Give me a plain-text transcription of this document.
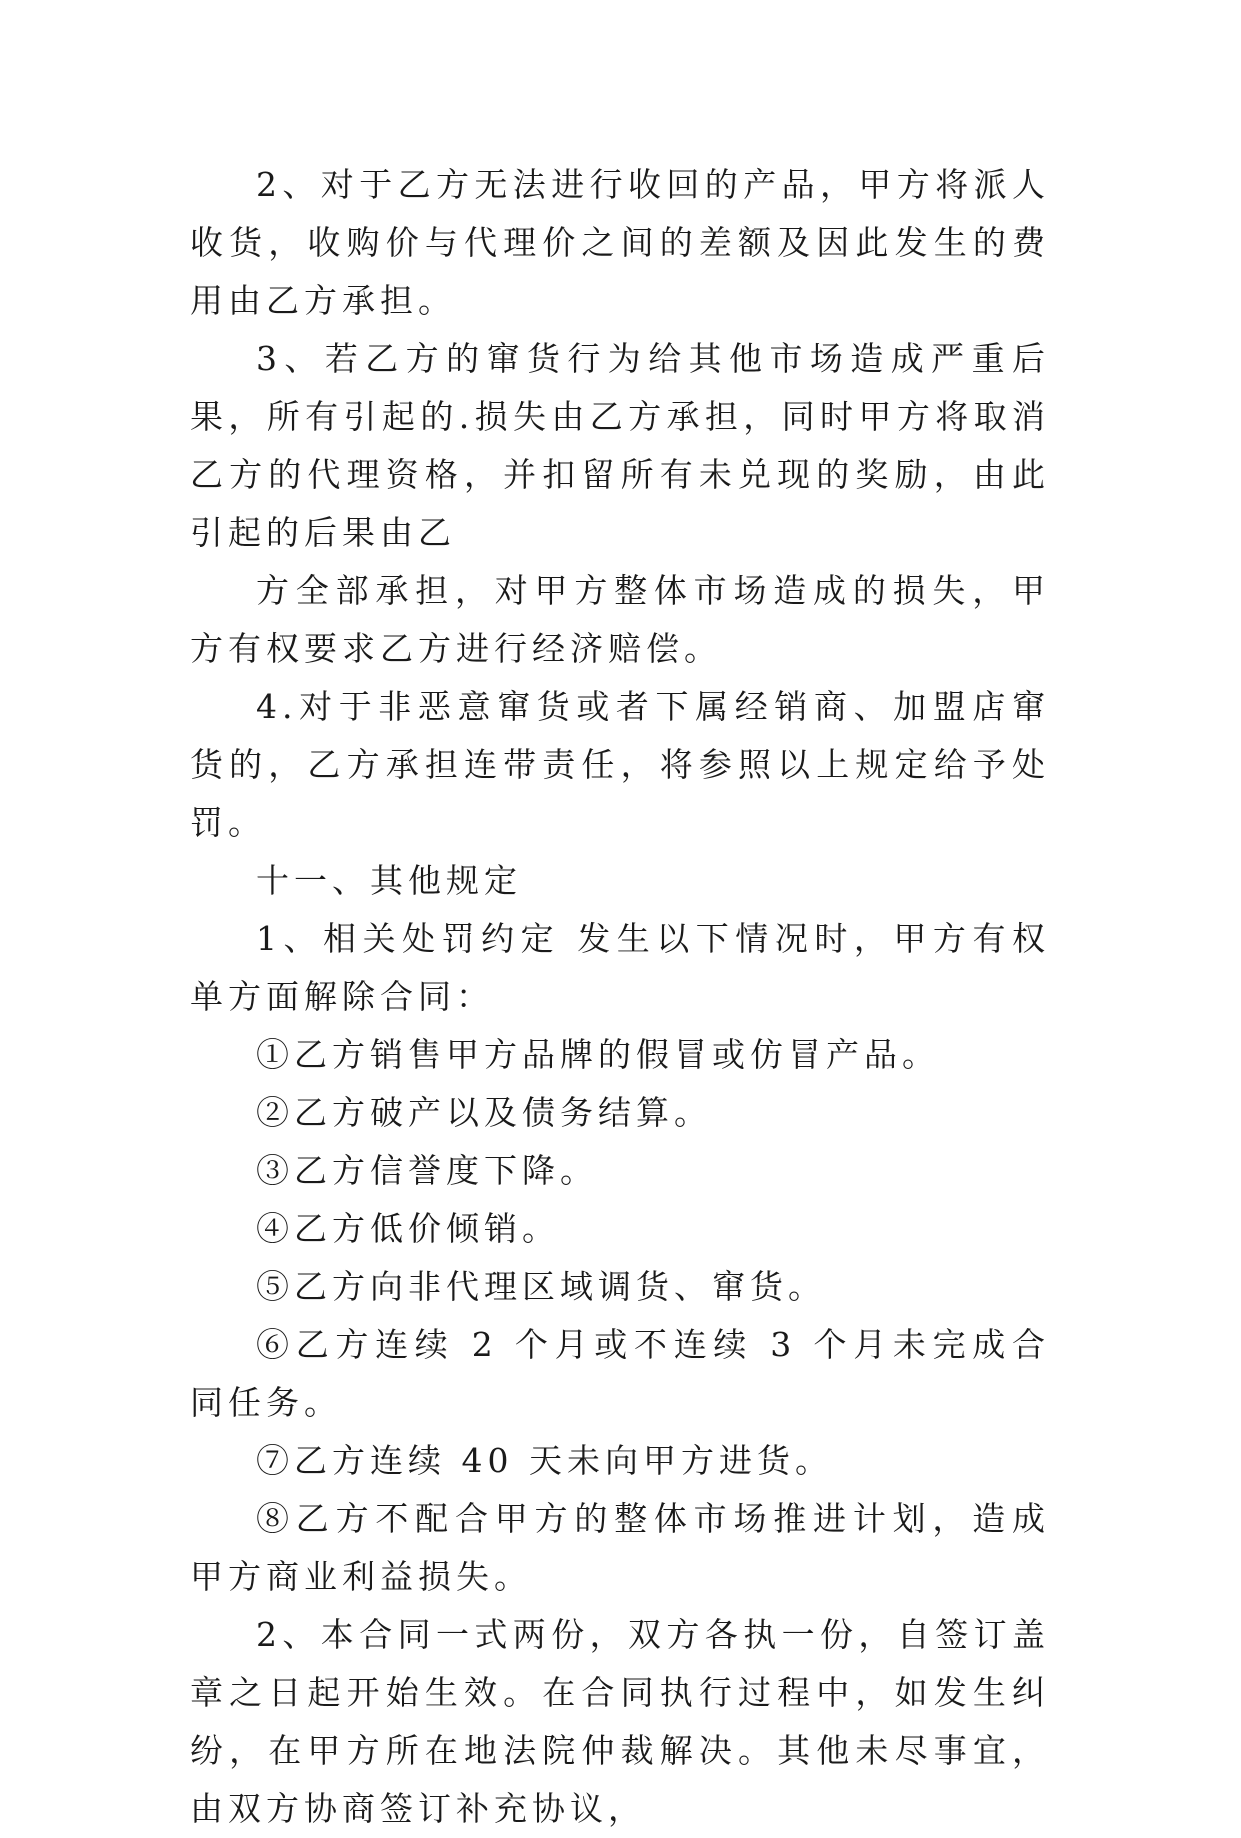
2、对于乙方无法进行收回的产品，甲方将派人收货，收购价与代理价之间的差额及因此发生的费用由乙方承担。

3、若乙方的窜货行为给其他市场造成严重后果，所有引起的.损失由乙方承担，同时甲方将取消乙方的代理资格，并扣留所有未兑现的奖励，由此引起的后果由乙

方全部承担，对甲方整体市场造成的损失，甲方有权要求乙方进行经济赔偿。

4.对于非恶意窜货或者下属经销商、加盟店窜货的，乙方承担连带责任，将参照以上规定给予处罚。

十一、其他规定

1、相关处罚约定 发生以下情况时，甲方有权单方面解除合同：

①乙方销售甲方品牌的假冒或仿冒产品。

②乙方破产以及债务结算。

③乙方信誉度下降。

④乙方低价倾销。

⑤乙方向非代理区域调货、窜货。

⑥乙方连续 2 个月或不连续 3 个月未完成合同任务。

⑦乙方连续 40 天未向甲方进货。

⑧乙方不配合甲方的整体市场推进计划，造成甲方商业利益损失。

2、本合同一式两份，双方各执一份，自签订盖章之日起开始生效。在合同执行过程中，如发生纠纷，在甲方所在地法院仲裁解决。其他未尽事宜，由双方协商签订补充协议，
